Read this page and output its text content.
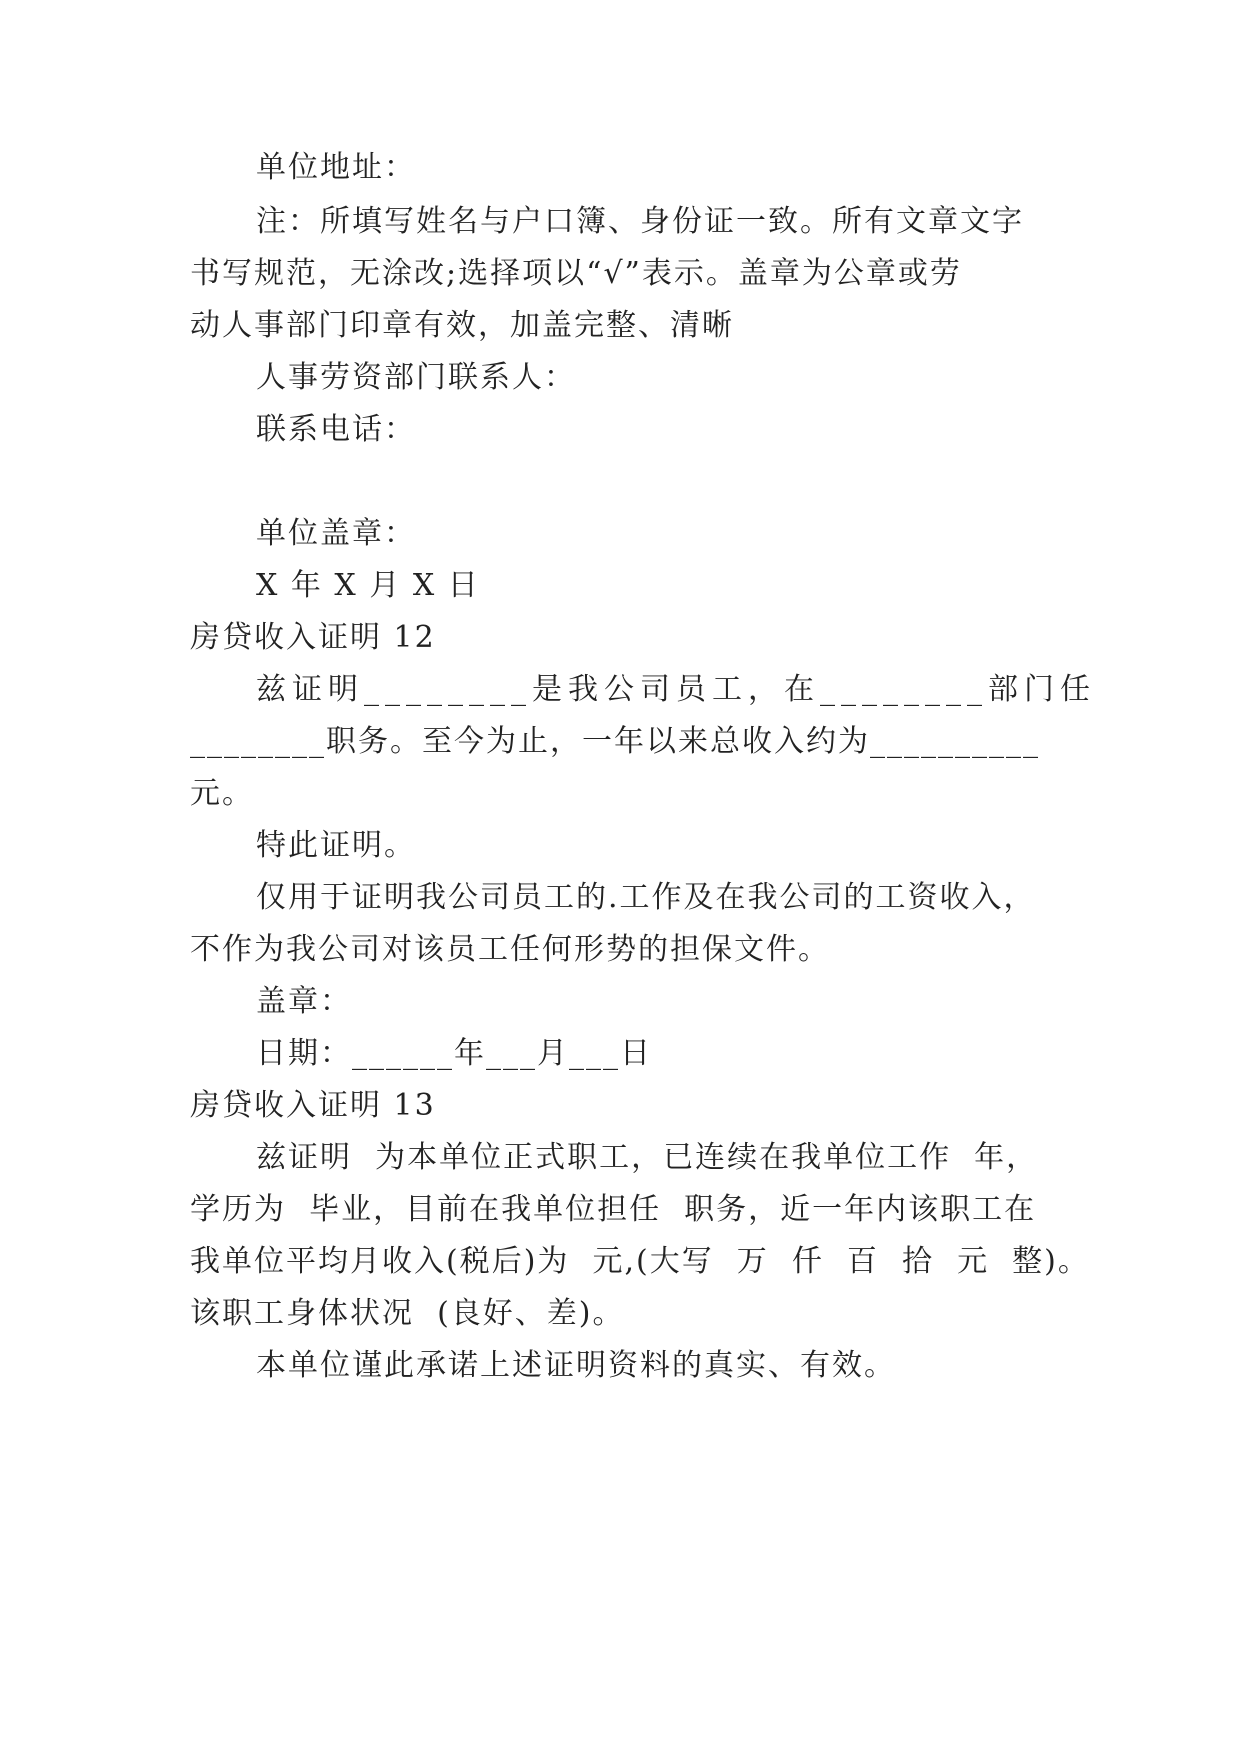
单位地址：
注：所填写姓名与户口簿、身份证一致。所有文章文字
书写规范，无涂改;选择项以“√”表示。盖章为公章或劳
动人事部门印章有效，加盖完整、清晰
人事劳资部门联系人：
联系电话：
单位盖章：
X 年 X 月 X 日
房贷收入证明 12
兹证明________是我公司员工，在________部门任
________职务。至今为止，一年以来总收入约为__________
元。
特此证明。
仅用于证明我公司员工的.工作及在我公司的工资收入，
不作为我公司对该员工任何形势的担保文件。
盖章：
日期：______年___月___日
房贷收入证明 13
兹证明  为本单位正式职工，已连续在我单位工作  年，
学历为  毕业，目前在我单位担任  职务，近一年内该职工在
我单位平均月收入(税后)为  元,(大写  万  仟  百  拾  元  整)。
该职工身体状况  (良好、差)。
本单位谨此承诺上述证明资料的真实、有效。
